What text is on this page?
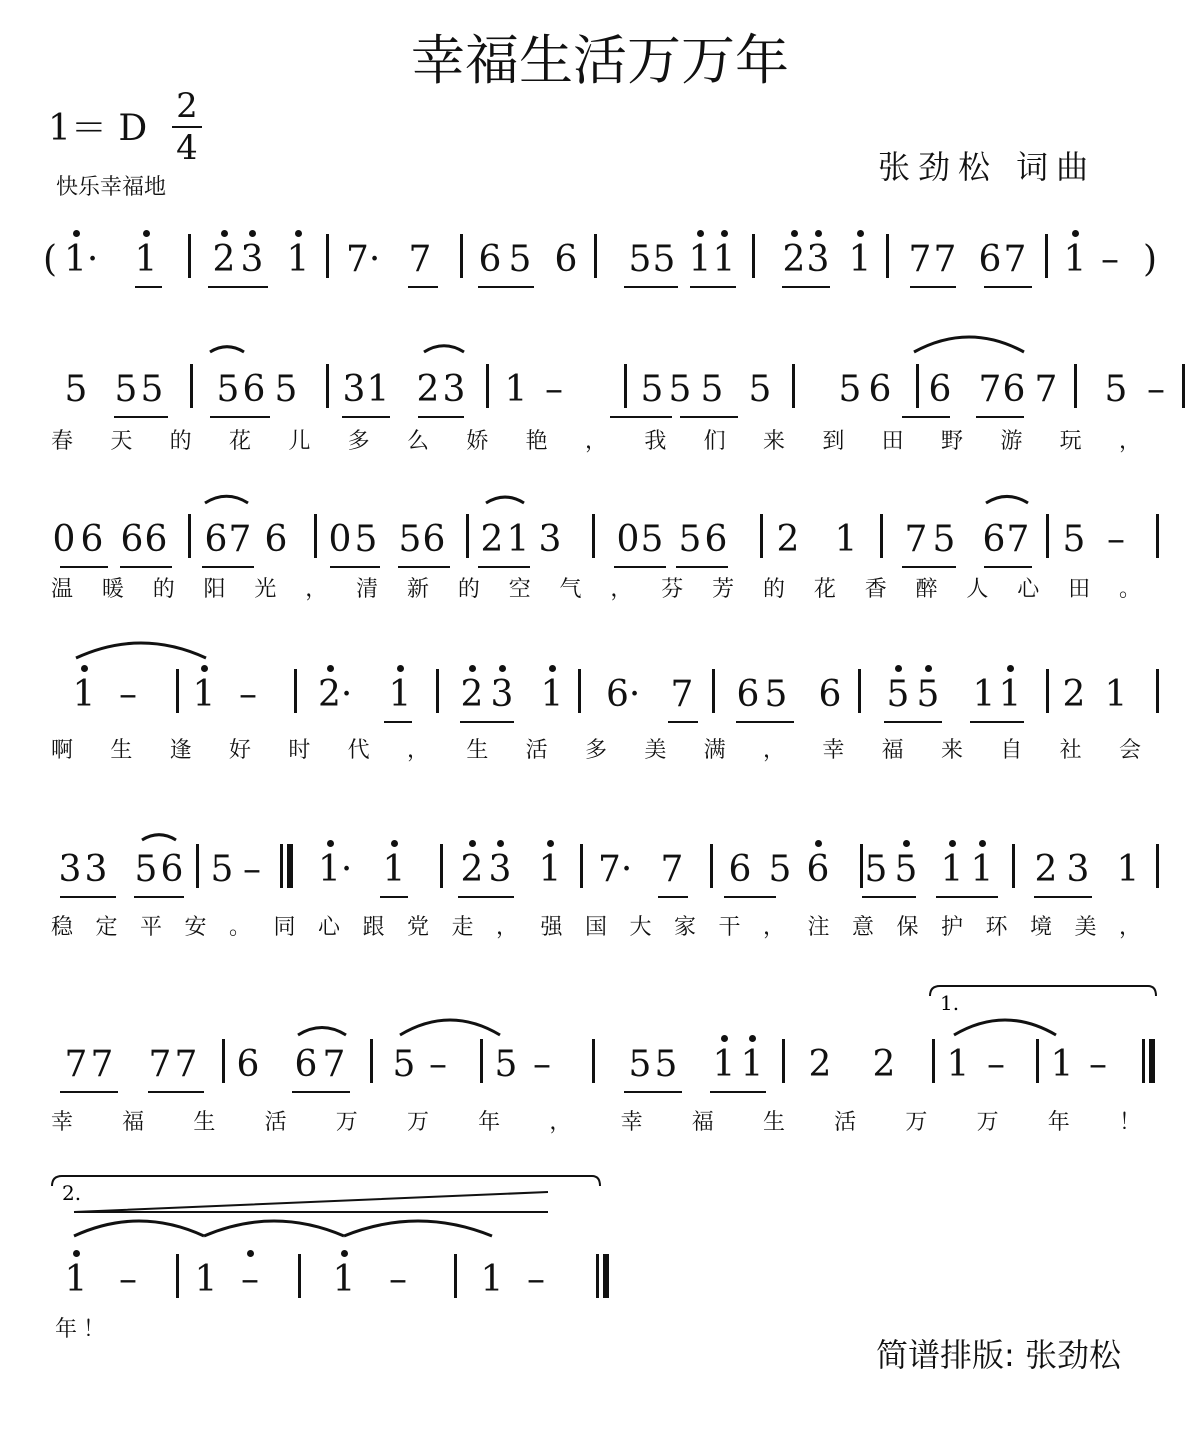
幸福生活万万年
1＝ D
2
4
快乐幸福地
张劲松 词曲
( 1· 1 2 3 1 7· 7 6 5 6 5 5 1 1 2 3 1 7 7 6 7 1 – )
5 5 5 5 6 5 3 1 2 3 1 – 5 5 5 5 5 6 6 7 6 7 5 –
春 天 的 花 儿 多 么 娇 艳 ， 我 们 来 到 田 野 游 玩 ，
0 6 6 6 6 7 6 0 5 5 6 2 1 3 0 5 5 6 2 1 7 5 6 7 5 –
温 暖 的 阳 光 ， 清 新 的 空 气 ， 芬 芳 的 花 香 醉 人 心 田 。
1 – 1 – 2· 1 2 3 1 6· 7 6 5 6 5 5 1 1 2 1
啊 生 逢 好 时 代 ， 生 活 多 美 满 ， 幸 福 来 自 社 会
3 3 5 6 5 – 1· 1 2 3 1 7· 7 6 5 6 5 5 1 1 2 3 1
稳 定 平 安 。 同 心 跟 党 走 ， 强 国 大 家 干 ， 注 意 保 护 环 境 美 ，
7 7 7 7 6 6 7 5 – 5 – 5 5 1 1 2 2 1 – 1 –
幸 福 生 活 万 万 年 ， 幸 福 生 活 万 万 年 ！
1 – 1 – 1 – 1 –
年 ！
1.
2.
简谱排版: 张劲松
